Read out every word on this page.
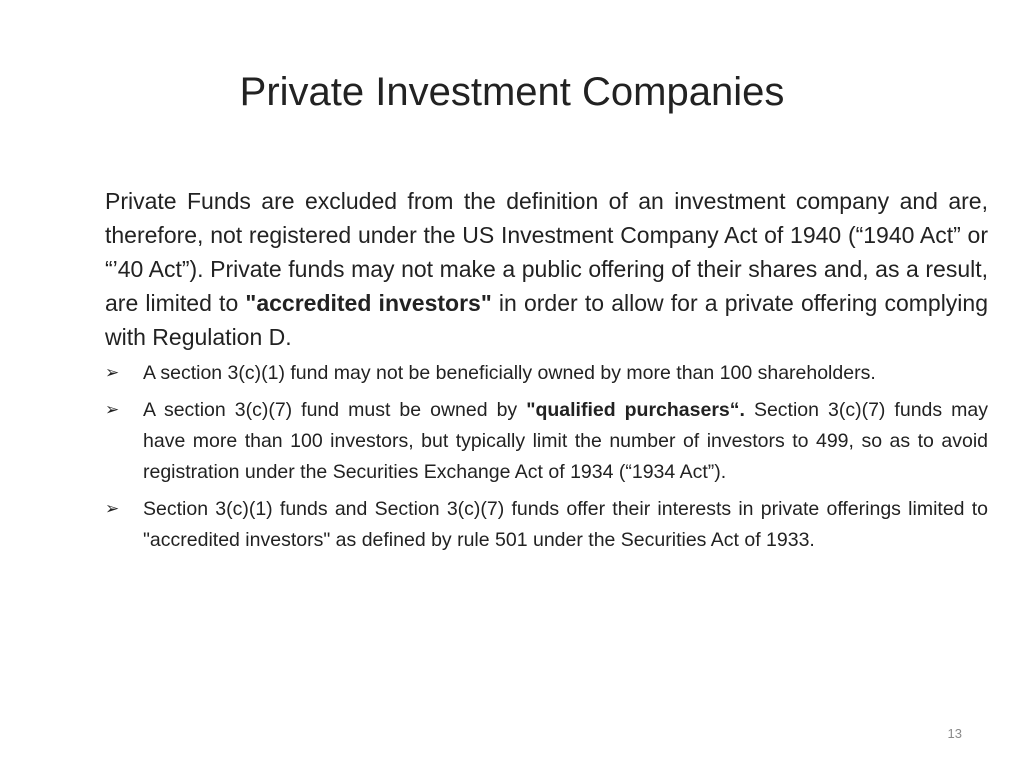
Private Investment Companies

Private Funds are excluded from the definition of an investment company and are, therefore, not registered under the US Investment Company Act of 1940 (“1940 Act” or “’40 Act”). Private funds may not make a public offering of their shares and, as a result, are limited to "accredited investors" in order to allow for a private offering complying with Regulation D.

➢ A section 3(c)(1) fund may not be beneficially owned by more than 100 shareholders.
➢ A section 3(c)(7) fund must be owned by "qualified purchasers“. Section 3(c)(7) funds may have more than 100 investors, but typically limit the number of investors to 499, so as to avoid registration under the Securities Exchange Act of 1934 (“1934 Act”).
➢ Section 3(c)(1) funds and Section 3(c)(7) funds offer their interests in private offerings limited to "accredited investors" as defined by rule 501 under the Securities Act of 1933.
13
